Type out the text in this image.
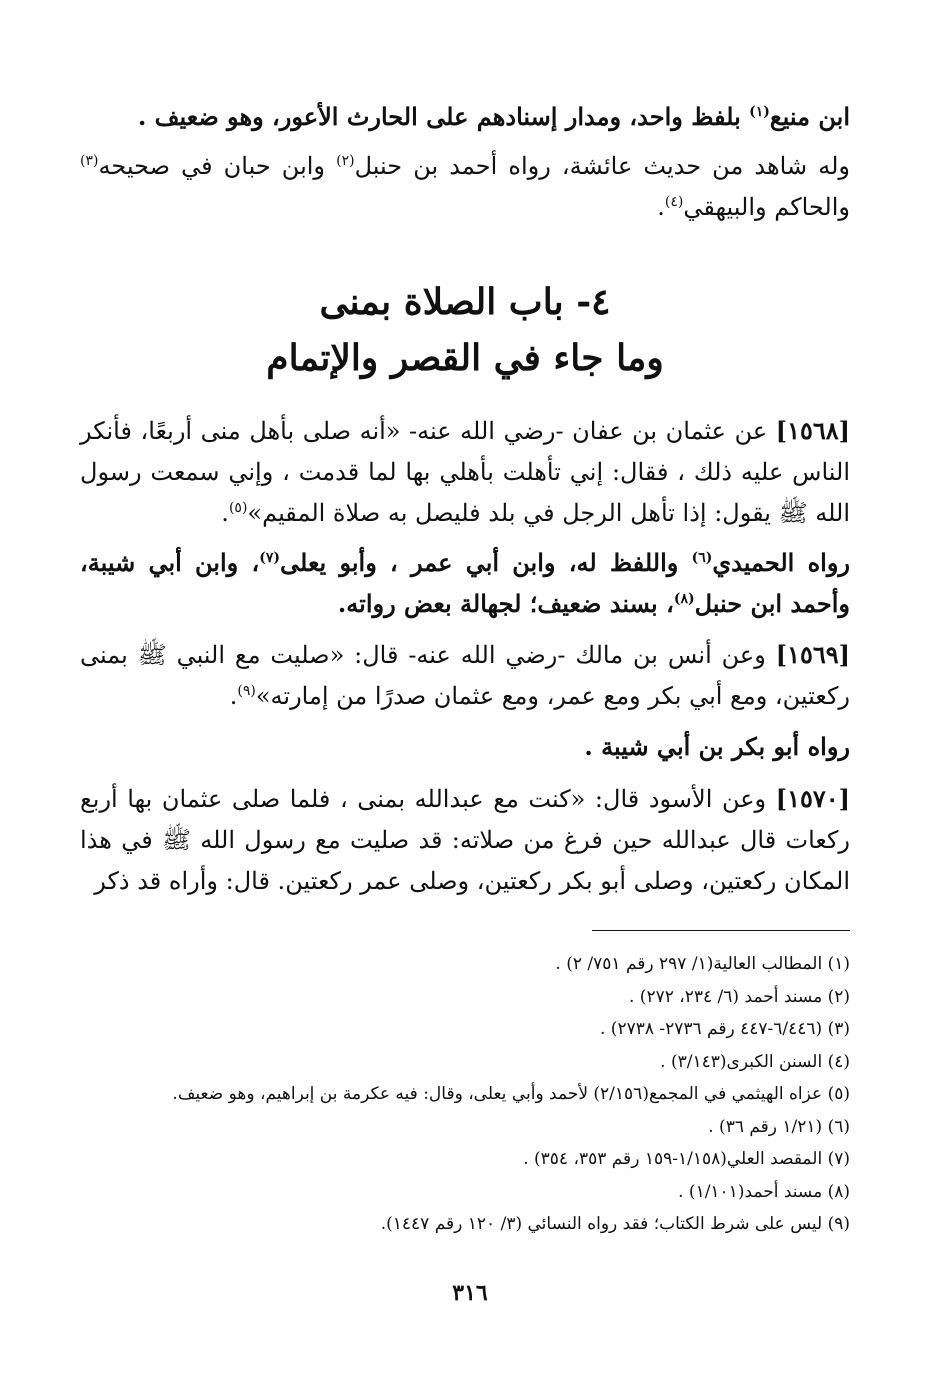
ابن منيع$^{(١)}$ بلفظ واحد، ومدار إسنادهم على الحارث الأعور، وهو ضعيف .
وله شاهد من حديث عائشة، رواه أحمد بن حنبل$^{(٢)}$ وابن حبان في صحيحه$^{(٣)}$ والحاكم والبيهقي$^{(٤)}$.
٤- باب الصلاة بمنى
وما جاء في القصر والإتمام
[١٥٦٨] عن عثمان بن عفان -رضي الله عنه- «أنه صلى بأهل منى أربعًا، فأنكر الناس عليه ذلك ، فقال: إني تأهلت بأهلي بها لما قدمت ، وإني سمعت رسول الله ﷺ يقول: إذا تأهل الرجل في بلد فليصل به صلاة المقيم»$^{(٥)}$.
رواه الحميدي$^{(٦)}$ واللفظ له، وابن أبي عمر ، وأبو يعلى$^{(٧)}$، وابن أبي شيبة، وأحمد ابن حنبل$^{(٨)}$، بسند ضعيف؛ لجهالة بعض رواته.
[١٥٦٩] وعن أنس بن مالك -رضي الله عنه- قال: «صليت مع النبي ﷺ بمنى ركعتين، ومع أبي بكر ومع عمر، ومع عثمان صدرًا من إمارته»$^{(٩)}$.
رواه أبو بكر بن أبي شيبة .
[١٥٧٠] وعن الأسود قال: «كنت مع عبدالله بمنى ، فلما صلى عثمان بها أربع ركعات قال عبدالله حين فرغ من صلاته: قد صليت مع رسول الله ﷺ في هذا المكان ركعتين، وصلى أبو بكر ركعتين، وصلى عمر ركعتين. قال: وأراه قد ذكر
(١) المطالب العالية(١/ ٢٩٧ رقم ٧٥١/ ٢) .
(٢) مسند أحمد (٦/ ٢٣٤، ٢٧٢) .
(٣) (٦/٤٤٦-٤٤٧ رقم ٢٧٣٦- ٢٧٣٨) .
(٤) السنن الكبرى(٣/١٤٣) .
(٥) عزاه الهيثمي في المجمع(٢/١٥٦) لأحمد وأبي يعلى، وقال: فيه عكرمة بن إبراهيم، وهو ضعيف.
(٦) (١/٢١ رقم ٣٦) .
(٧) المقصد العلي(١/١٥٨-١٥٩ رقم ٣٥٣، ٣٥٤) .
(٨) مسند أحمد(١/١٠١) .
(٩) ليس على شرط الكتاب؛ فقد رواه النسائي (٣/ ١٢٠ رقم ١٤٤٧).
٣١٦
